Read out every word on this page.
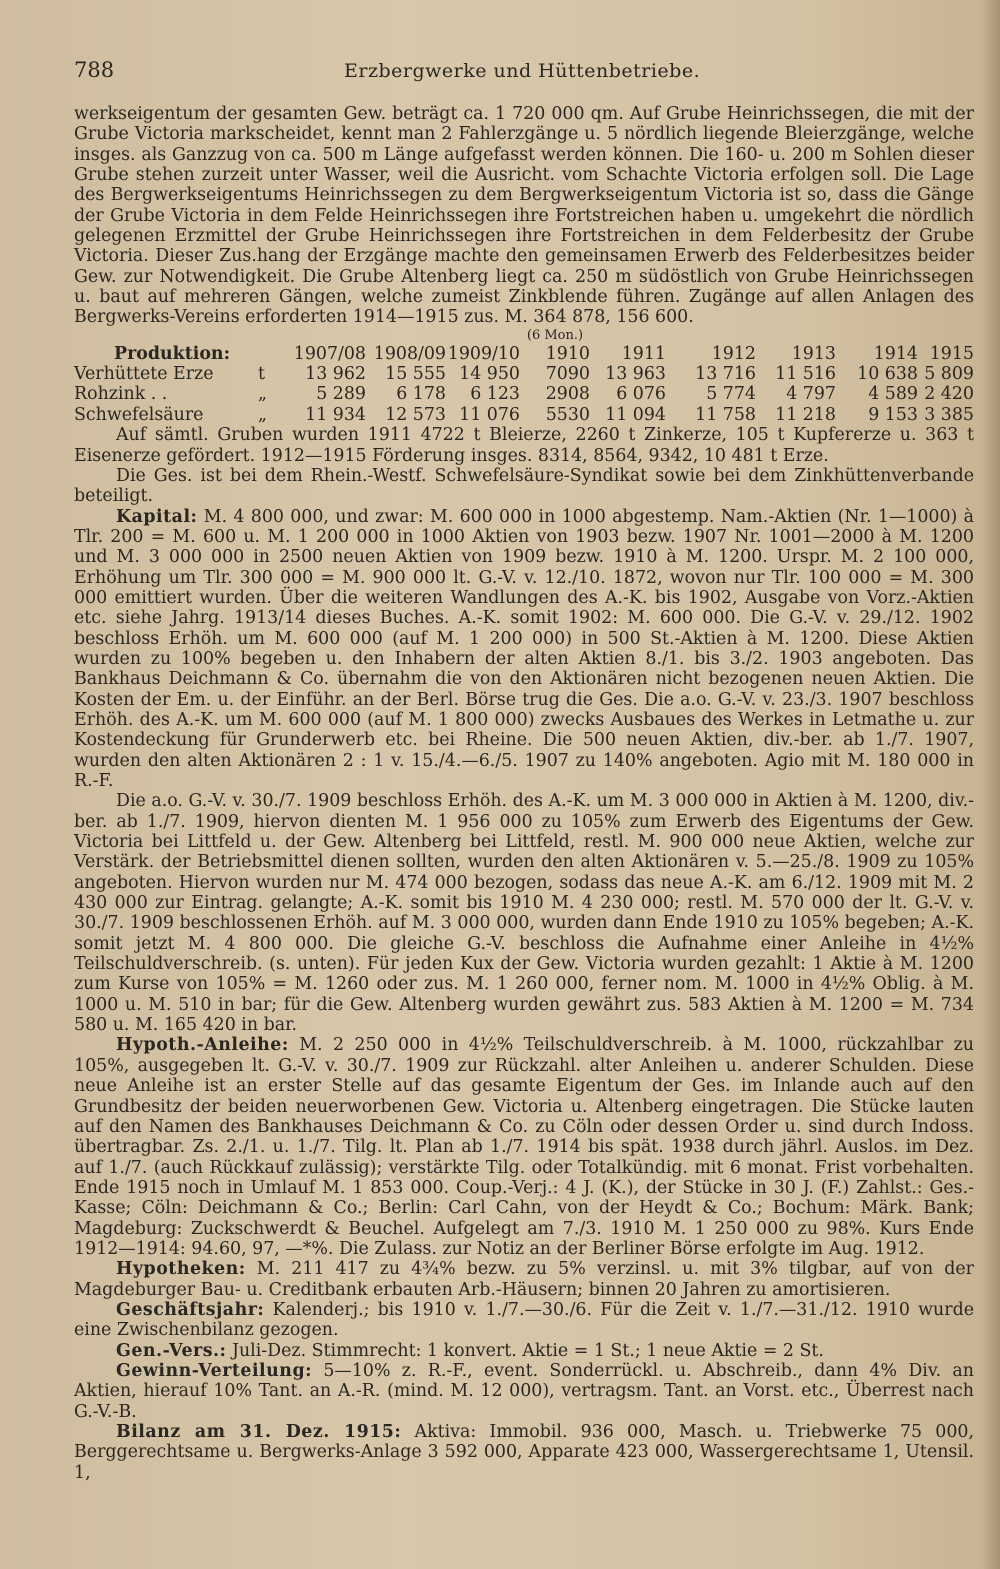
788	Erzbergwerke und Hüttenbetriebe.

werkseigentum der gesamten Gew. beträgt ca. 1 720 000 qm. Auf Grube Heinrichssegen, die mit der Grube Victoria markscheidet, kennt man 2 Fahlerzgänge u. 5 nördlich liegende Bleierzgänge, welche insges. als Ganzzug von ca. 500 m Länge aufgefasst werden können. Die 160- u. 200 m Sohlen dieser Grube stehen zurzeit unter Wasser, weil die Ausricht. vom Schachte Victoria erfolgen soll. Die Lage des Bergwerkseigentums Heinrichssegen zu dem Bergwerkseigentum Victoria ist so, dass die Gänge der Grube Victoria in dem Felde Heinrichssegen ihre Fortstreichen haben u. umgekehrt die nördlich gelegenen Erzmittel der Grube Heinrichssegen ihre Fortstreichen in dem Felderbesitz der Grube Victoria. Dieser Zus.hang der Erzgänge machte den gemeinsamen Erwerb des Felderbesitzes beider Gew. zur Notwendigkeit. Die Grube Altenberg liegt ca. 250 m südöstlich von Grube Heinrichssegen u. baut auf mehreren Gängen, welche zumeist Zinkblende führen. Zugänge auf allen Anlagen des Bergwerks-Vereins erforderten 1914—1915 zus. M. 364 878, 156 600.

					(6 Mon.)					
Produktion:		1907/08	1908/09	1909/10	1910	1911	1912	1913	1914	1915
Verhüttete Erze	t	13 962	15 555	14 950	7090	13 963	13 716	11 516	10 638	5 809
Rohzink . .	„	5 289	6 178	6 123	2908	6 076	5 774	4 797	4 589	2 420
Schwefelsäure	„	11 934	12 573	11 076	5530	11 094	11 758	11 218	9 153	3 385

Auf sämtl. Gruben wurden 1911 4722 t Bleierze, 2260 t Zinkerze, 105 t Kupfererze u. 363 t Eisenerze gefördert. 1912—1915 Förderung insges. 8314, 8564, 9342, 10 481 t Erze.

Die Ges. ist bei dem Rhein.-Westf. Schwefelsäure-Syndikat sowie bei dem Zinkhüttenverbande beteiligt.

Kapital: M. 4 800 000, und zwar: M. 600 000 in 1000 abgestemp. Nam.-Aktien (Nr. 1—1000) à Tlr. 200 = M. 600 u. M. 1 200 000 in 1000 Aktien von 1903 bezw. 1907 Nr. 1001—2000 à M. 1200 und M. 3 000 000 in 2500 neuen Aktien von 1909 bezw. 1910 à M. 1200. Urspr. M. 2 100 000, Erhöhung um Tlr. 300 000 = M. 900 000 lt. G.-V. v. 12./10. 1872, wovon nur Tlr. 100 000 = M. 300 000 emittiert wurden. Über die weiteren Wandlungen des A.-K. bis 1902, Ausgabe von Vorz.-Aktien etc. siehe Jahrg. 1913/14 dieses Buches. A.-K. somit 1902: M. 600 000. Die G.-V. v. 29./12. 1902 beschloss Erhöh. um M. 600 000 (auf M. 1 200 000) in 500 St.-Aktien à M. 1200. Diese Aktien wurden zu 100% begeben u. den Inhabern der alten Aktien 8./1. bis 3./2. 1903 angeboten. Das Bankhaus Deichmann & Co. übernahm die von den Aktionären nicht bezogenen neuen Aktien. Die Kosten der Em. u. der Einführ. an der Berl. Börse trug die Ges. Die a.o. G.-V. v. 23./3. 1907 beschloss Erhöh. des A.-K. um M. 600 000 (auf M. 1 800 000) zwecks Ausbaues des Werkes in Letmathe u. zur Kostendeckung für Grunderwerb etc. bei Rheine. Die 500 neuen Aktien, div.-ber. ab 1./7. 1907, wurden den alten Aktionären 2 : 1 v. 15./4.—6./5. 1907 zu 140% angeboten. Agio mit M. 180 000 in R.-F.

Die a.o. G.-V. v. 30./7. 1909 beschloss Erhöh. des A.-K. um M. 3 000 000 in Aktien à M. 1200, div.-ber. ab 1./7. 1909, hiervon dienten M. 1 956 000 zu 105% zum Erwerb des Eigentums der Gew. Victoria bei Littfeld u. der Gew. Altenberg bei Littfeld, restl. M. 900 000 neue Aktien, welche zur Verstärk. der Betriebsmittel dienen sollten, wurden den alten Aktionären v. 5.—25./8. 1909 zu 105% angeboten. Hiervon wurden nur M. 474 000 bezogen, sodass das neue A.-K. am 6./12. 1909 mit M. 2 430 000 zur Eintrag. gelangte; A.-K. somit bis 1910 M. 4 230 000; restl. M. 570 000 der lt. G.-V. v. 30./7. 1909 beschlossenen Erhöh. auf M. 3 000 000, wurden dann Ende 1910 zu 105% begeben; A.-K. somit jetzt M. 4 800 000. Die gleiche G.-V. beschloss die Aufnahme einer Anleihe in 4½% Teilschuldverschreib. (s. unten). Für jeden Kux der Gew. Victoria wurden gezahlt: 1 Aktie à M. 1200 zum Kurse von 105% = M. 1260 oder zus. M. 1 260 000, ferner nom. M. 1000 in 4½% Oblig. à M. 1000 u. M. 510 in bar; für die Gew. Altenberg wurden gewährt zus. 583 Aktien à M. 1200 = M. 734 580 u. M. 165 420 in bar.

Hypoth.-Anleihe: M. 2 250 000 in 4½% Teilschuldverschreib. à M. 1000, rückzahlbar zu 105%, ausgegeben lt. G.-V. v. 30./7. 1909 zur Rückzahl. alter Anleihen u. anderer Schulden. Diese neue Anleihe ist an erster Stelle auf das gesamte Eigentum der Ges. im Inlande auch auf den Grundbesitz der beiden neuerworbenen Gew. Victoria u. Altenberg eingetragen. Die Stücke lauten auf den Namen des Bankhauses Deichmann & Co. zu Cöln oder dessen Order u. sind durch Indoss. übertragbar. Zs. 2./1. u. 1./7. Tilg. lt. Plan ab 1./7. 1914 bis spät. 1938 durch jährl. Auslos. im Dez. auf 1./7. (auch Rückkauf zulässig); verstärkte Tilg. oder Totalkündig. mit 6 monat. Frist vorbehalten. Ende 1915 noch in Umlauf M. 1 853 000. Coup.-Verj.: 4 J. (K.), der Stücke in 30 J. (F.) Zahlst.: Ges.-Kasse; Cöln: Deichmann & Co.; Berlin: Carl Cahn, von der Heydt & Co.; Bochum: Märk. Bank; Magdeburg: Zuckschwerdt & Beuchel. Aufgelegt am 7./3. 1910 M. 1 250 000 zu 98%. Kurs Ende 1912—1914: 94.60, 97, —*%. Die Zulass. zur Notiz an der Berliner Börse erfolgte im Aug. 1912.

Hypotheken: M. 211 417 zu 4¾% bezw. zu 5% verzinsl. u. mit 3% tilgbar, auf von der Magdeburger Bau- u. Creditbank erbauten Arb.-Häusern; binnen 20 Jahren zu amortisieren.

Geschäftsjahr: Kalenderj.; bis 1910 v. 1./7.—30./6. Für die Zeit v. 1./7.—31./12. 1910 wurde eine Zwischenbilanz gezogen.

Gen.-Vers.: Juli-Dez. Stimmrecht: 1 konvert. Aktie = 1 St.; 1 neue Aktie = 2 St.

Gewinn-Verteilung: 5—10% z. R.-F., event. Sonderrückl. u. Abschreib., dann 4% Div. an Aktien, hierauf 10% Tant. an A.-R. (mind. M. 12 000), vertragsm. Tant. an Vorst. etc., Überrest nach G.-V.-B.

Bilanz am 31. Dez. 1915: Aktiva: Immobil. 936 000, Masch. u. Triebwerke 75 000, Berggerechtsame u. Bergwerks-Anlage 3 592 000, Apparate 423 000, Wassergerechtsame 1, Utensil. 1,
